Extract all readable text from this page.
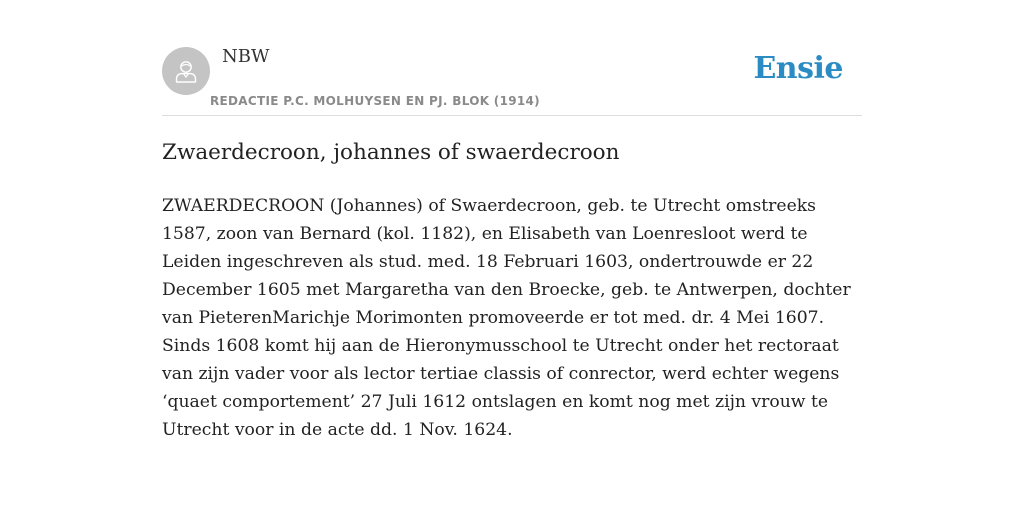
NBW
REDACTIE P.C. MOLHUYSEN EN PJ. BLOK (1914)
Ensie
Zwaerdecroon, johannes of swaerdecroon

ZWAERDECROON (Johannes) of Swaerdecroon, geb. te Utrecht omstreeks 1587, zoon van Bernard (kol. 1182), en Elisabeth van Loenresloot werd te Leiden ingeschreven als stud. med. 18 Februari 1603, ondertrouwde er 22 December 1605 met Margaretha van den Broecke, geb. te Antwerpen, dochter van PieterenMarichje Morimonten promoveerde er tot med. dr. 4 Mei 1607. Sinds 1608 komt hij aan de Hieronymusschool te Utrecht onder het rectoraat van zijn vader voor als lector tertiae classis of conrector, werd echter wegens ‘quaet comportement’ 27 Juli 1612 ontslagen en komt nog met zijn vrouw te Utrecht voor in de acte dd. 1 Nov. 1624.
